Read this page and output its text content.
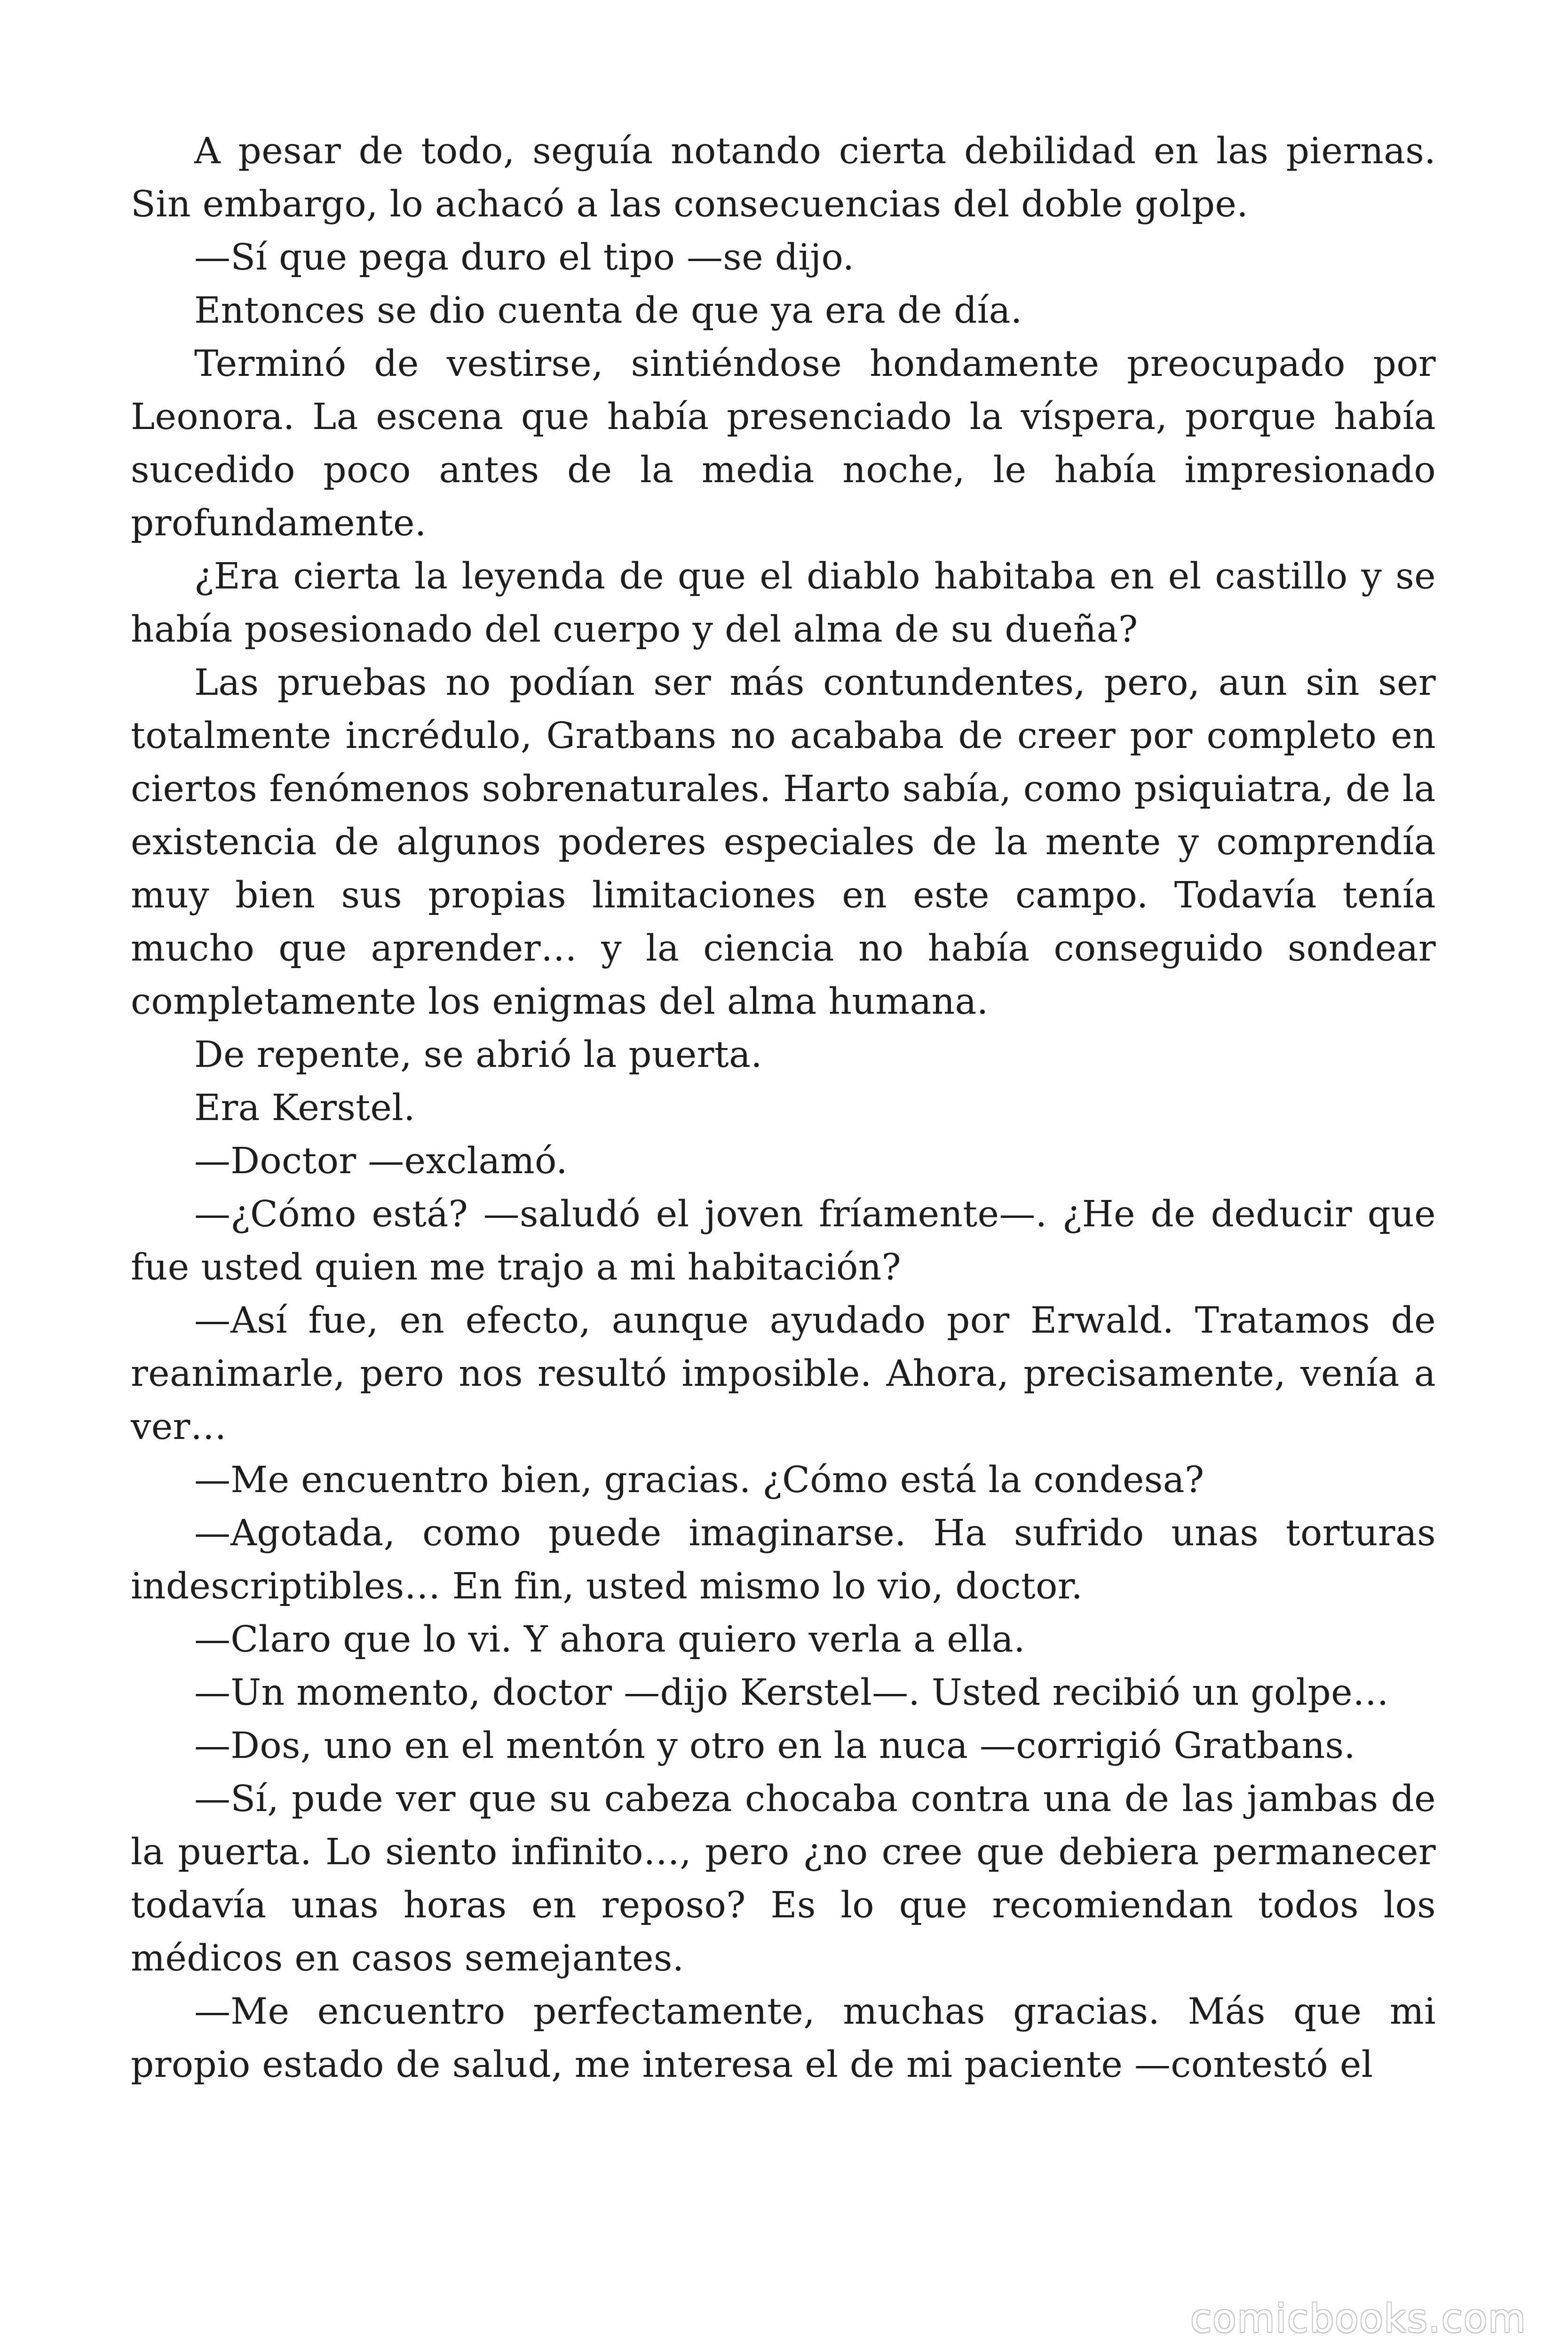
A pesar de todo, seguía notando cierta debilidad en las piernas. Sin embargo, lo achacó a las consecuencias del doble golpe.

—Sí que pega duro el tipo —se dijo.

Entonces se dio cuenta de que ya era de día.

Terminó de vestirse, sintiéndose hondamente preocupado por Leonora. La escena que había presenciado la víspera, porque había sucedido poco antes de la media noche, le había impresionado profundamente.

¿Era cierta la leyenda de que el diablo habitaba en el castillo y se había posesionado del cuerpo y del alma de su dueña?

Las pruebas no podían ser más contundentes, pero, aun sin ser totalmente incrédulo, Gratbans no acababa de creer por completo en ciertos fenómenos sobrenaturales. Harto sabía, como psiquiatra, de la existencia de algunos poderes especiales de la mente y comprendía muy bien sus propias limitaciones en este campo. Todavía tenía mucho que aprender… y la ciencia no había conseguido sondear completamente los enigmas del alma humana.

De repente, se abrió la puerta.

Era Kerstel.

—Doctor —exclamó.

—¿Cómo está? —saludó el joven fríamente—. ¿He de deducir que fue usted quien me trajo a mi habitación?

—Así fue, en efecto, aunque ayudado por Erwald. Tratamos de reanimarle, pero nos resultó imposible. Ahora, precisamente, venía a ver…

—Me encuentro bien, gracias. ¿Cómo está la condesa?

—Agotada, como puede imaginarse. Ha sufrido unas torturas indescriptibles… En fin, usted mismo lo vio, doctor.

—Claro que lo vi. Y ahora quiero verla a ella.

—Un momento, doctor —dijo Kerstel—. Usted recibió un golpe…

—Dos, uno en el mentón y otro en la nuca —corrigió Gratbans.

—Sí, pude ver que su cabeza chocaba contra una de las jambas de la puerta. Lo siento infinito…, pero ¿no cree que debiera permanecer todavía unas horas en reposo? Es lo que recomiendan todos los médicos en casos semejantes.

—Me encuentro perfectamente, muchas gracias. Más que mi propio estado de salud, me interesa el de mi paciente —contestó el

comicbooks.com
